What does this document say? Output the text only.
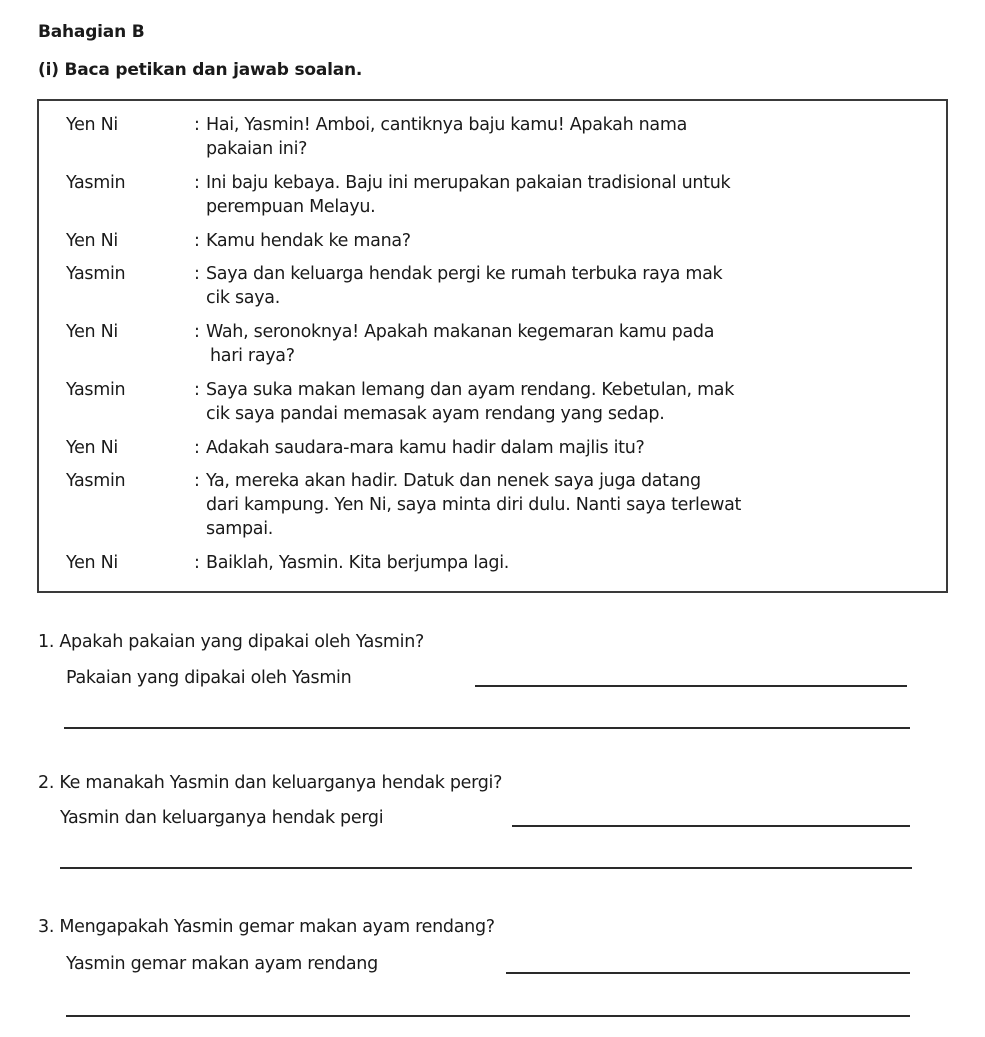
Bahagian B
(i) Baca petikan dan jawab soalan.
Yen Ni	: Hai, Yasmin! Amboi, cantiknya baju kamu! Apakah nama
pakaian ini?
Yasmin	: Ini baju kebaya. Baju ini merupakan pakaian tradisional untuk
perempuan Melayu.
Yen Ni	: Kamu hendak ke mana?
Yasmin	: Saya dan keluarga hendak pergi ke rumah terbuka raya mak
cik saya.
Yen Ni	: Wah, seronoknya! Apakah makanan kegemaran kamu pada
hari raya?
Yasmin	: Saya suka makan lemang dan ayam rendang. Kebetulan, mak
cik saya pandai memasak ayam rendang yang sedap.
Yen Ni	: Adakah saudara-mara kamu hadir dalam majlis itu?
Yasmin	: Ya, mereka akan hadir. Datuk dan nenek saya juga datang
dari kampung. Yen Ni, saya minta diri dulu. Nanti saya terlewat
sampai.
Yen Ni	: Baiklah, Yasmin. Kita berjumpa lagi.
1. Apakah pakaian yang dipakai oleh Yasmin?
Pakaian yang dipakai oleh Yasmin
2. Ke manakah Yasmin dan keluarganya hendak pergi?
Yasmin dan keluarganya hendak pergi
3. Mengapakah Yasmin gemar makan ayam rendang?
Yasmin gemar makan ayam rendang
